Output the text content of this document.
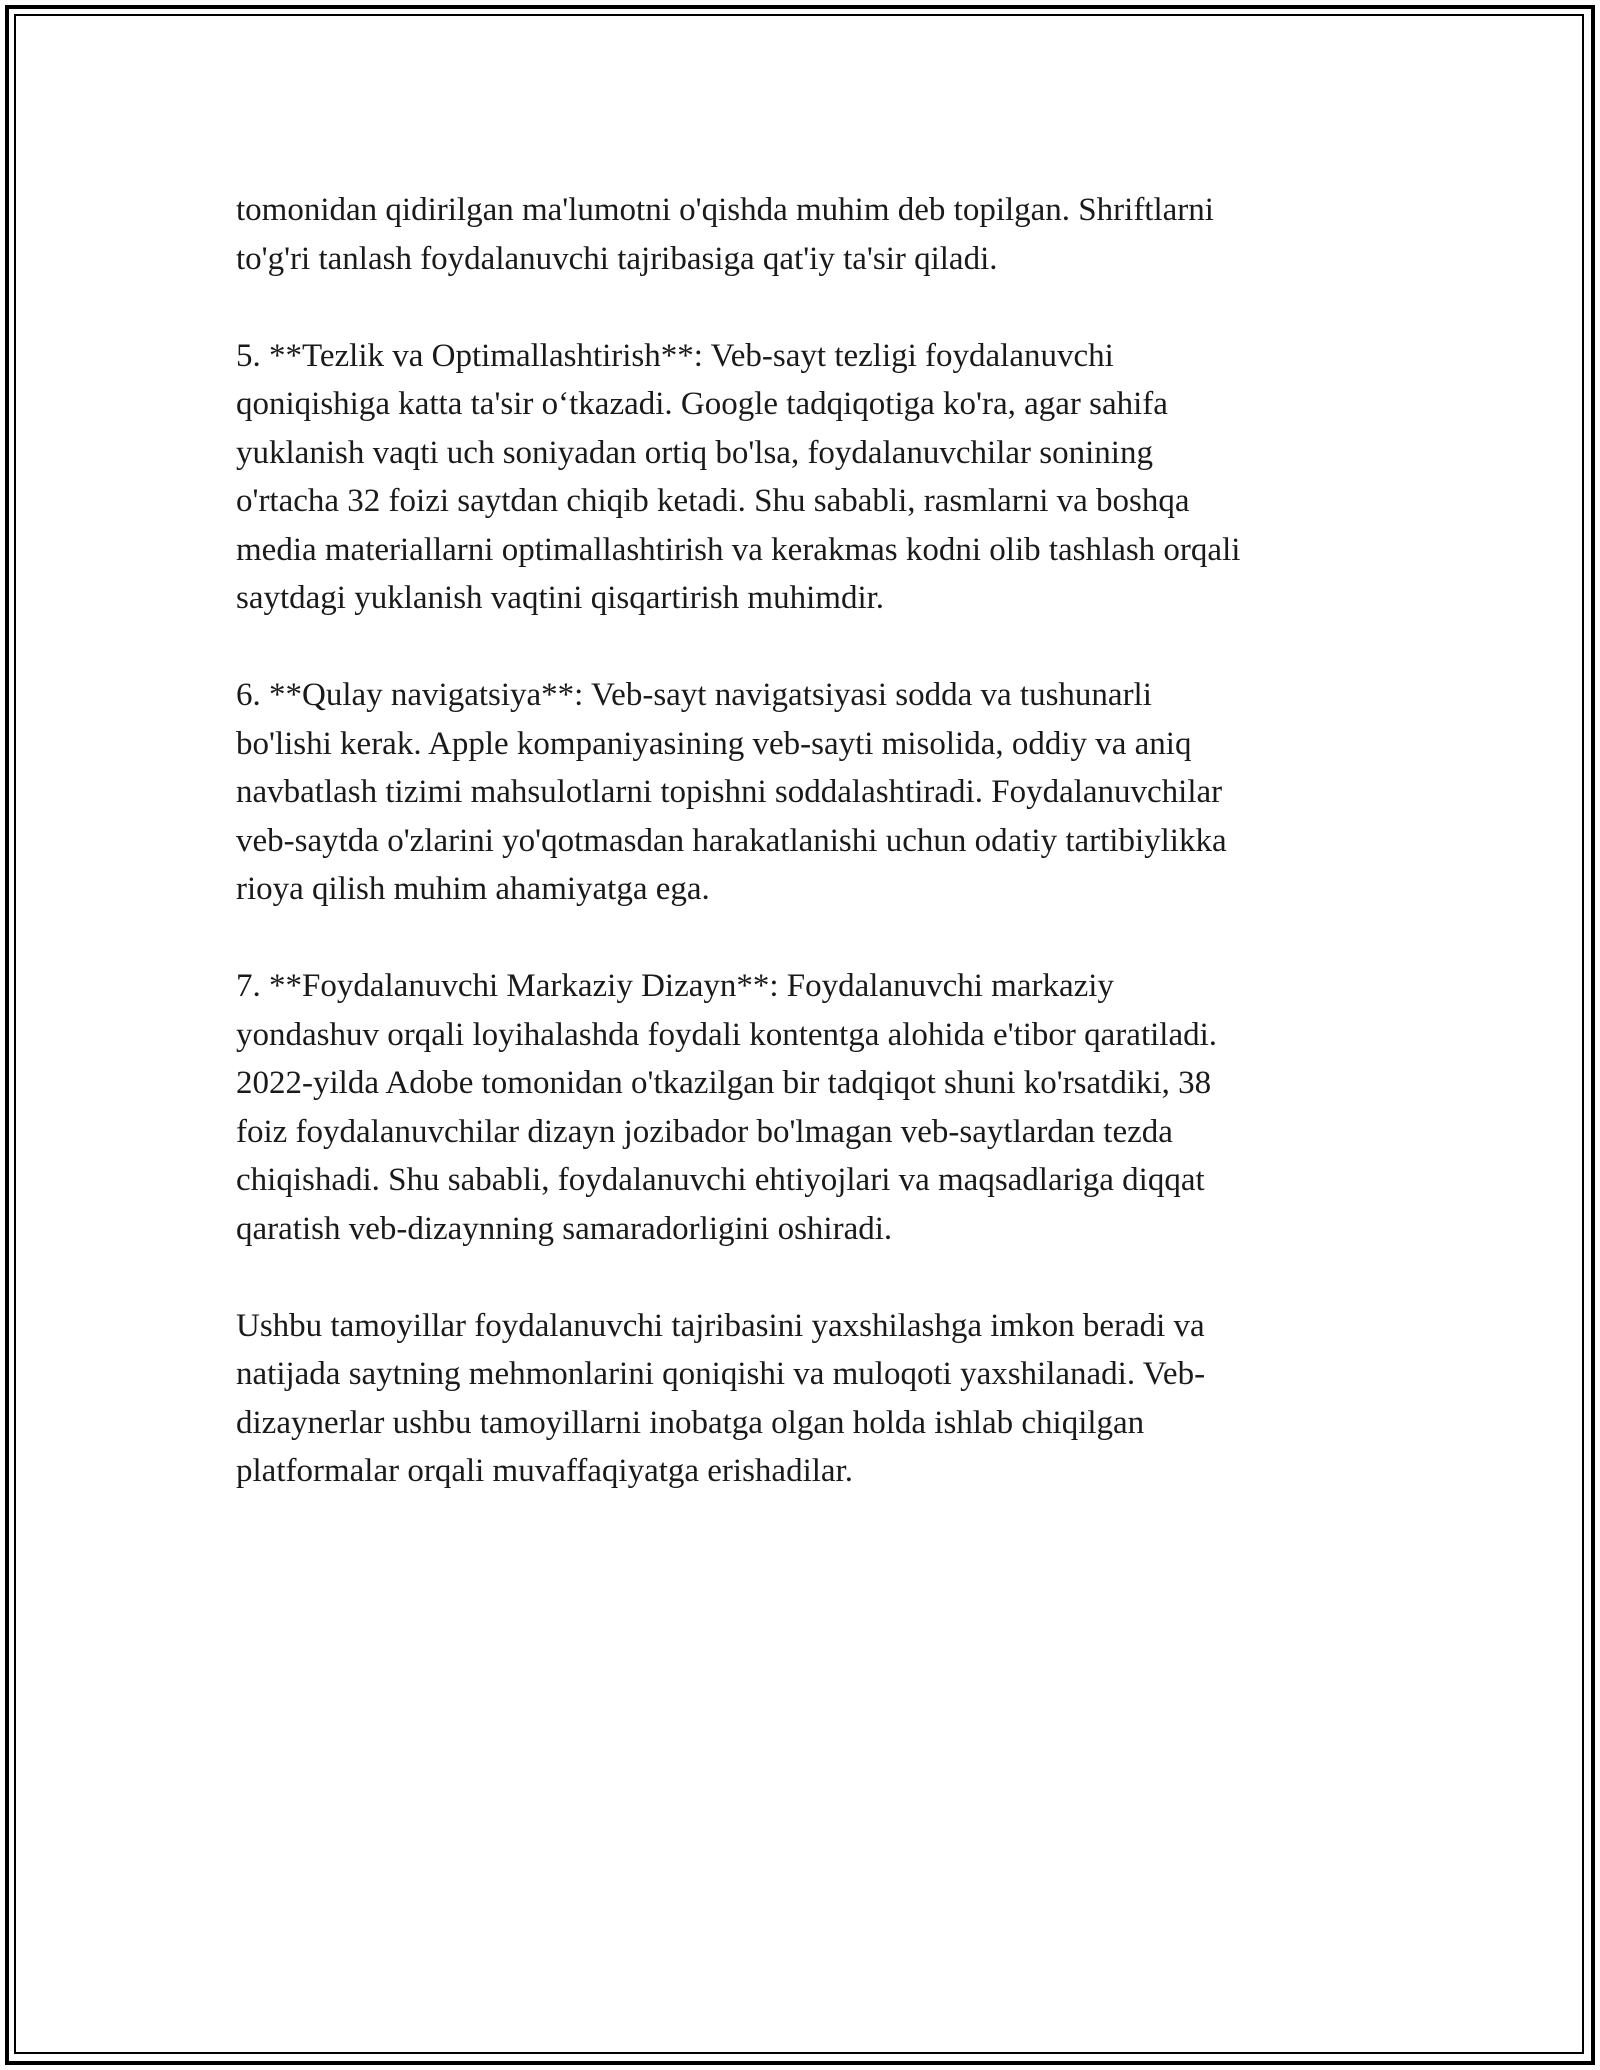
tomonidan qidirilgan ma'lumotni o'qishda muhim deb topilgan. Shriftlarni
to'g'ri tanlash foydalanuvchi tajribasiga qat'iy ta'sir qiladi.

5. **Tezlik va Optimallashtirish**: Veb-sayt tezligi foydalanuvchi
qoniqishiga katta ta'sir o‘tkazadi. Google tadqiqotiga ko'ra, agar sahifa
yuklanish vaqti uch soniyadan ortiq bo'lsa, foydalanuvchilar sonining
o'rtacha 32 foizi saytdan chiqib ketadi. Shu sababli, rasmlarni va boshqa
media materiallarni optimallashtirish va kerakmas kodni olib tashlash orqali
saytdagi yuklanish vaqtini qisqartirish muhimdir.

6. **Qulay navigatsiya**: Veb-sayt navigatsiyasi sodda va tushunarli
bo'lishi kerak. Apple kompaniyasining veb-sayti misolida, oddiy va aniq
navbatlash tizimi mahsulotlarni topishni soddalashtiradi. Foydalanuvchilar
veb-saytda o'zlarini yo'qotmasdan harakatlanishi uchun odatiy tartibiylikka
rioya qilish muhim ahamiyatga ega.

7. **Foydalanuvchi Markaziy Dizayn**: Foydalanuvchi markaziy
yondashuv orqali loyihalashda foydali kontentga alohida e'tibor qaratiladi.
2022-yilda Adobe tomonidan o'tkazilgan bir tadqiqot shuni ko'rsatdiki, 38
foiz foydalanuvchilar dizayn jozibador bo'lmagan veb-saytlardan tezda
chiqishadi. Shu sababli, foydalanuvchi ehtiyojlari va maqsadlariga diqqat
qaratish veb-dizaynning samaradorligini oshiradi.

Ushbu tamoyillar foydalanuvchi tajribasini yaxshilashga imkon beradi va
natijada saytning mehmonlarini qoniqishi va muloqoti yaxshilanadi. Veb-
dizaynerlar ushbu tamoyillarni inobatga olgan holda ishlab chiqilgan
platformalar orqali muvaffaqiyatga erishadilar.
